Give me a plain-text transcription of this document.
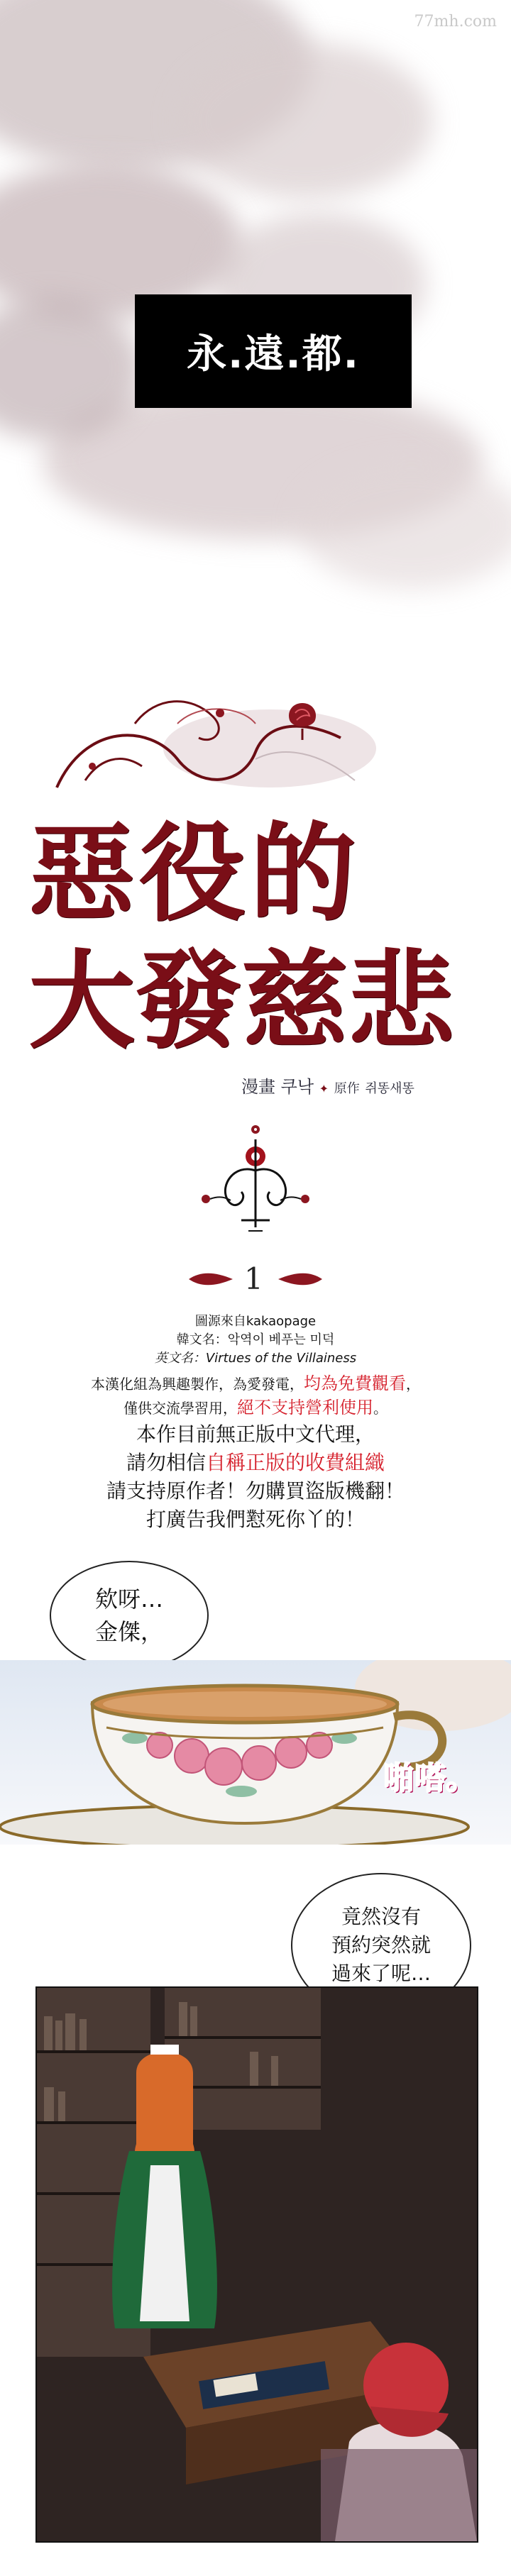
77mh.com
永.遠.都.
惡役的
大發慈悲
漫畫 쿠낙 ✦ 原作 쥐똥새똥
1
圖源來自kakaopage
韓文名：악역이 베푸는 미덕
英文名：Virtues of the Villainess
本漢化組為興趣製作，為愛發電，均為免費觀看，
僅供交流學習用，絕不支持營利使用。
本作目前無正版中文代理，
請勿相信自稱正版的收費組織
請支持原作者！勿購買盜版機翻！
打廣告我們懟死你丫的！
欸呀…
金傑，
啪嗒。
竟然沒有
預約突然就
過來了呢…
